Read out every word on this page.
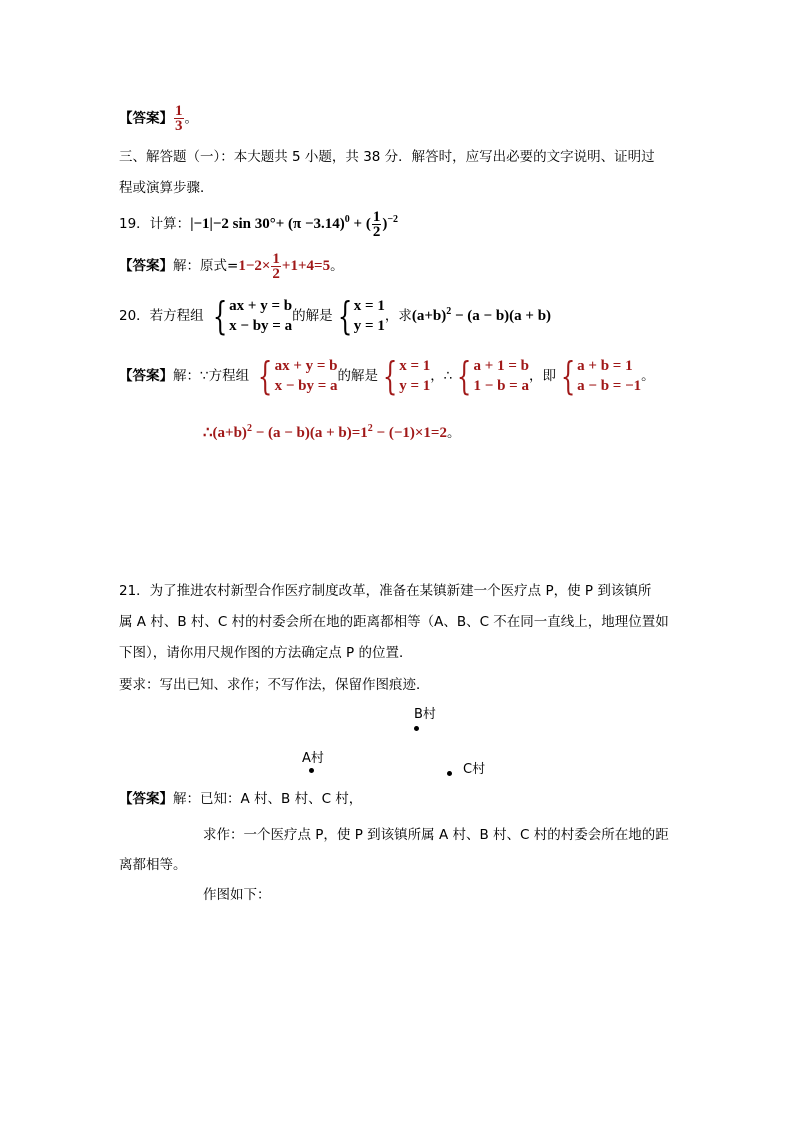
【答案】 $\frac{1}{3}$ 。
三、解答题（一）：本大题共 5 小题，共 38 分．解答时，应写出必要的文字说明、证明过
程或演算步骤．
19．计算：|−1|−2 $\sin 30^\circ+ (\pi -3.14)^0$ + ( $\frac{1}{2} )^{-2}$
【答案】解：原式$=1-2\times \frac{1}{2} +1+4=5$。
20．若方程组 { ax + y = b
x − by = a
的解是 { x = 1
y = 1
，求$(a+b)^2 - (a - b)(a + b)$
【答案】解：∵方程组 { ax + y = b
x − by = a
的解是 { x = 1
y = 1
，∴ { a + 1 = b
1 − b = a
，即 { a + b = 1
a − b = −1
。
$\therefore(a+b)^2 - (a - b)(a + b)=1^2 - (-1)\times 1=2$。
21．为了推进农村新型合作医疗制度改革，准备在某镇新建一个医疗点 P，使 P 到该镇所
属 A 村、B 村、C 村的村委会所在地的距离都相等（A、B、C 不在同一直线上，地理位置如
下图），请你用尺规作图的方法确定点 P 的位置．
要求：写出已知、求作；不写作法，保留作图痕迹．
B村
A村
C村
【答案】解：已知：A 村、B 村、C 村，
求作：一个医疗点 P，使 P 到该镇所属 A 村、B 村、C 村的村委会所在地的距
离都相等。
作图如下：
